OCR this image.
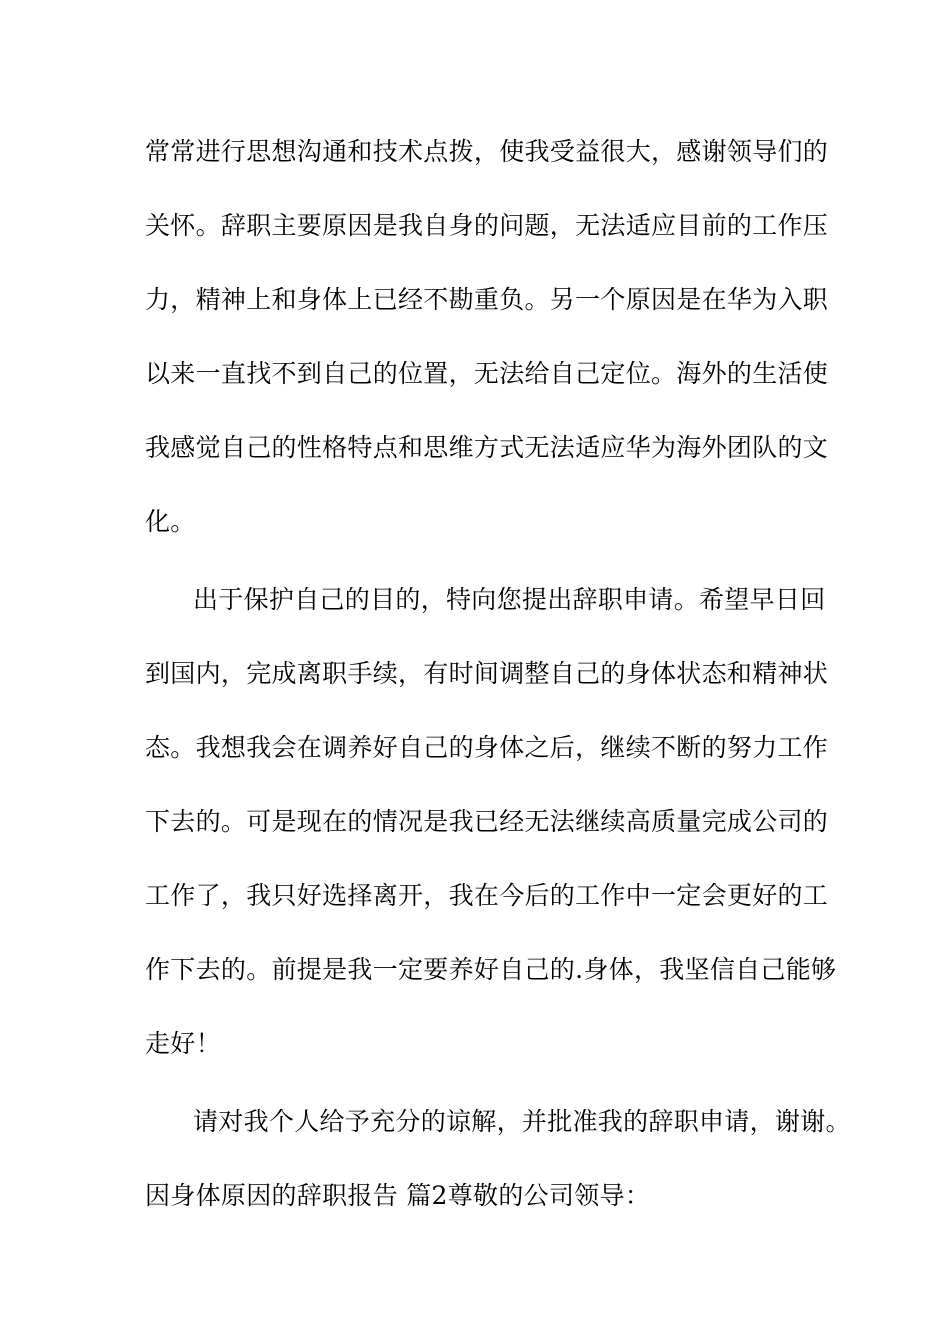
常常进行思想沟通和技术点拨，使我受益很大，感谢领导们的
关怀。辞职主要原因是我自身的问题，无法适应目前的工作压
力，精神上和身体上已经不勘重负。另一个原因是在华为入职
以来一直找不到自己的位置，无法给自己定位。海外的生活使
我感觉自己的性格特点和思维方式无法适应华为海外团队的文
化。
出于保护自己的目的，特向您提出辞职申请。希望早日回
到国内，完成离职手续，有时间调整自己的身体状态和精神状
态。我想我会在调养好自己的身体之后，继续不断的努力工作
下去的。可是现在的情况是我已经无法继续高质量完成公司的
工作了，我只好选择离开，我在今后的工作中一定会更好的工
作下去的。前提是我一定要养好自己的.身体，我坚信自己能够
走好！
请对我个人给予充分的谅解，并批准我的辞职申请，谢谢。
因身体原因的辞职报告 篇2尊敬的公司领导：
